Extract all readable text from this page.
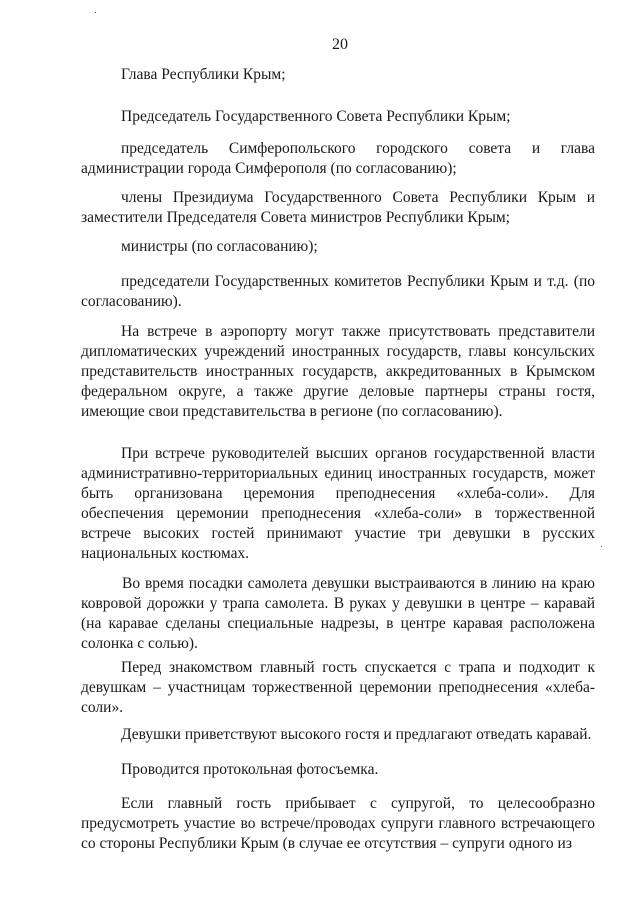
20

Глава Республики Крым;

Председатель Государственного Совета Республики Крым;

председатель Симферопольского городского совета и глава администрации города Симферополя (по согласованию);

члены Президиума Государственного Совета Республики Крым и заместители Председателя Совета министров Республики Крым;

министры (по согласованию);

председатели Государственных комитетов Республики Крым и т.д. (по согласованию).

На встрече в аэропорту могут также присутствовать представители дипломатических учреждений иностранных государств, главы консульских представительств иностранных государств, аккредитованных в Крымском федеральном округе, а также другие деловые партнеры страны гостя, имеющие свои представительства в регионе (по согласованию).

При встрече руководителей высших органов государственной власти административно-территориальных единиц иностранных государств, может быть организована церемония преподнесения «хлеба-соли». Для обеспечения церемонии преподнесения «хлеба-соли» в торжественной встрече высоких гостей принимают участие три девушки в русских национальных костюмах.

Во время посадки самолета девушки выстраиваются в линию на краю ковровой дорожки у трапа самолета. В руках у девушки в центре – каравай (на каравае сделаны специальные надрезы, в центре каравая расположена солонка с солью).

Перед знакомством главный гость спускается с трапа и подходит к девушкам – участницам торжественной церемонии преподнесения «хлеба-соли».

Девушки приветствуют высокого гостя и предлагают отведать каравай.

Проводится протокольная фотосъемка.

Если главный гость прибывает с супругой, то целесообразно предусмотреть участие во встрече/проводах супруги главного встречающего со стороны Республики Крым (в случае ее отсутствия – супруги одного из
